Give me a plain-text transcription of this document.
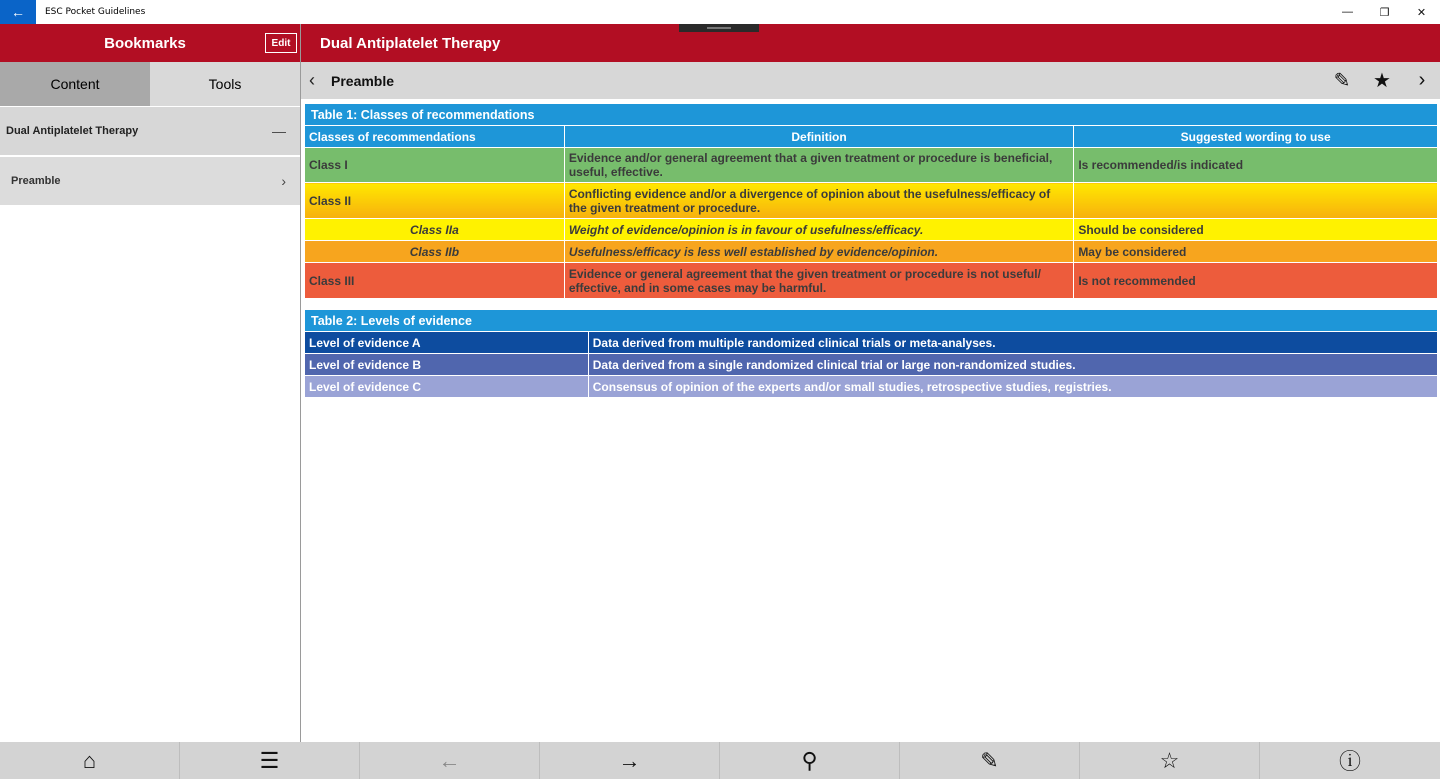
←	ESC Pocket Guidelines	—	❐	✕
Bookmarks	Edit
Content	Tools
Dual Antiplatelet Therapy	—
Preamble	›
Dual Antiplatelet Therapy
‹ Preamble	✎ ★	›
Table 1: Classes of recommendations		
Classes of recommendations	Definition	Suggested wording to use
Class I	Evidence and/or general agreement that a given treatment or procedure is beneficial, useful, effective.	Is recommended/is indicated
Class II	Conflicting evidence and/or a divergence of opinion about the usefulness/efficacy of the given treatment or procedure.	
Class IIa	Weight of evidence/opinion is in favour of usefulness/efficacy.	Should be considered
Class IIb	Usefulness/efficacy is less well established by evidence/opinion.	May be considered
Class III	Evidence or general agreement that the given treatment or procedure is not useful/ effective, and in some cases may be harmful.	Is not recommended
Table 2: Levels of evidence	
Level of evidence A	Data derived from multiple randomized clinical trials or meta-analyses.
Level of evidence B	Data derived from a single randomized clinical trial or large non-randomized studies.
Level of evidence C	Consensus of opinion of the experts and/or small studies, retrospective studies, registries.
⌂	☰	←	→	⚲	✎	☆	ⓘ
